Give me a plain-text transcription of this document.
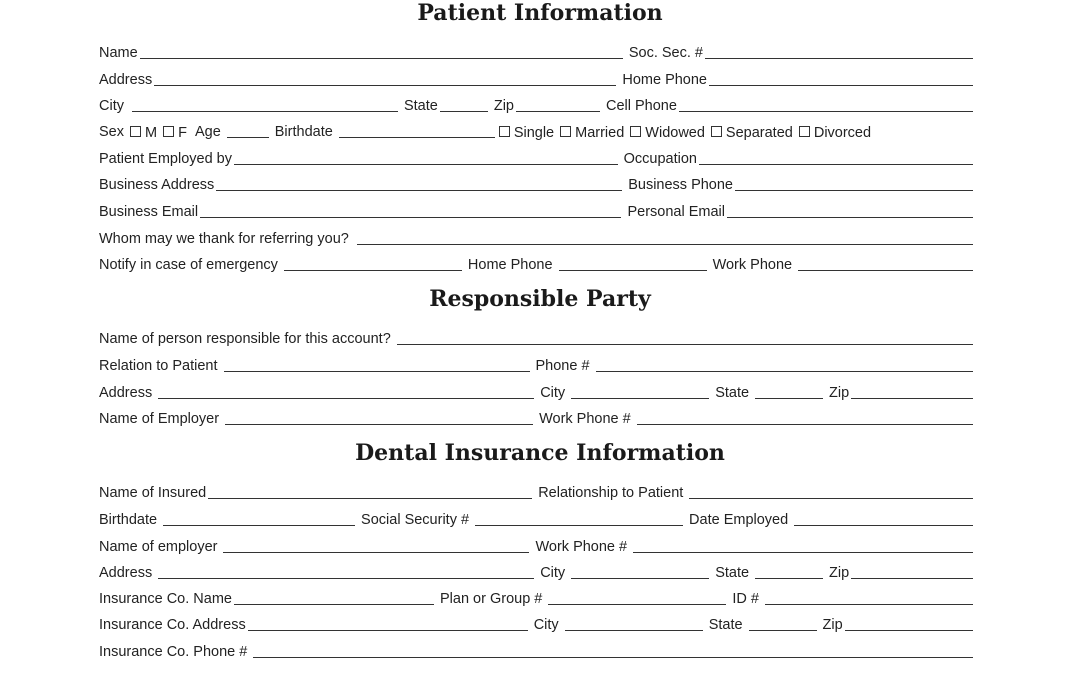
Patient Information
Name	Soc. Sec. #
Address	Home Phone
City	State	Zip	Cell Phone
Sex M F Age	Birthdate	Single Married Widowed Separated Divorced
Patient Employed by	Occupation
Business Address	Business Phone
Business Email	Personal Email
Whom may we thank for referring you?
Notify in case of emergency	Home Phone	Work Phone
Responsible Party
Name of person responsible for this account?
Relation to Patient	Phone #
Address	City	State	Zip
Name of Employer	Work Phone #
Dental Insurance Information
Name of Insured	Relationship to Patient
Birthdate	Social Security #	Date Employed
Name of employer	Work Phone #
Address	City	State	Zip
Insurance Co. Name	Plan or Group #	ID #
Insurance Co. Address	City	State	Zip
Insurance Co. Phone #
